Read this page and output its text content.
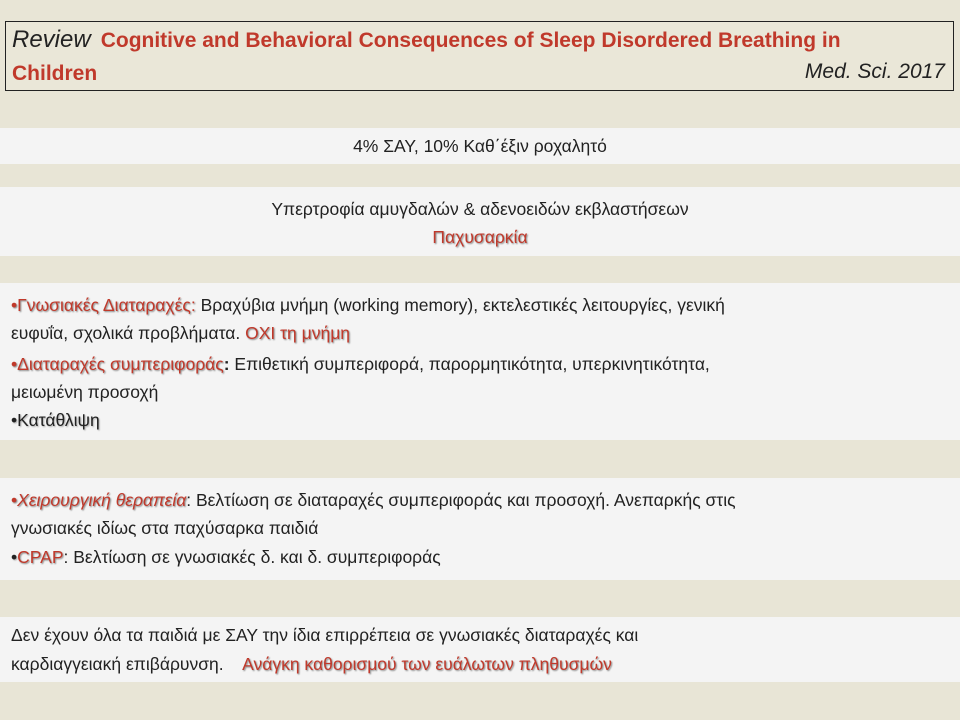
Review Cognitive and Behavioral Consequences of Sleep Disordered Breathing in
Children	Med. Sci. 2017
4% ΣΑΥ, 10% Καθ΄έξιν ροχαλητό
Υπερτροφία αμυγδαλών & αδενοειδών εκβλαστήσεων
Παχυσαρκία
•Γνωσιακές Διαταραχές: Βραχύβια μνήμη (working memory), εκτελεστικές λειτουργίες, γενική
ευφυΐα, σχολικά προβλήματα. ΟΧΙ τη μνήμη
•Διαταραχές συμπεριφοράς: Επιθετική συμπεριφορά, παρορμητικότητα, υπερκινητικότητα,
μειωμένη προσοχή
•Κατάθλιψη
•Χειρουργική θεραπεία: Βελτίωση σε διαταραχές συμπεριφοράς και προσοχή. Ανεπαρκής στις
γνωσιακές ιδίως στα παχύσαρκα παιδιά
•CPAP: Βελτίωση σε γνωσιακές δ. και δ. συμπεριφοράς
Δεν έχουν όλα τα παιδιά με ΣΑΥ την ίδια επιρρέπεια σε γνωσιακές διαταραχές και
καρδιαγγειακή επιβάρυνση.    Ανάγκη καθορισμού των ευάλωτων πληθυσμών
